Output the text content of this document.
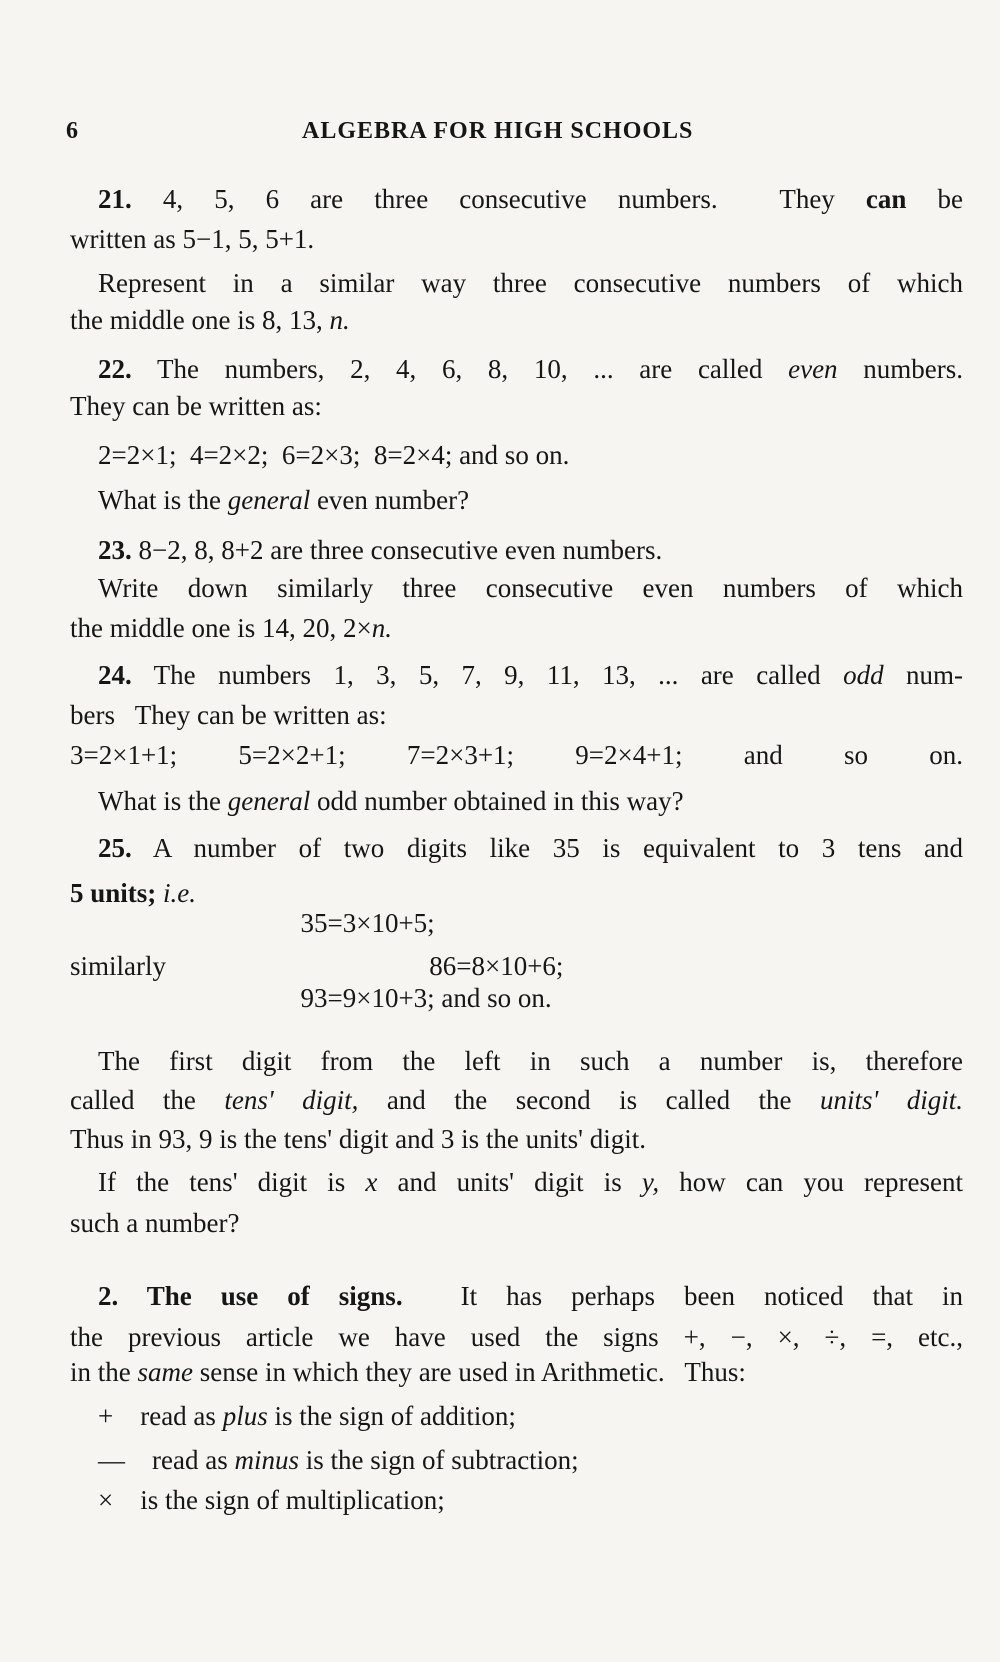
6	ALGEBRA FOR HIGH SCHOOLS
21. 4, 5, 6 are three consecutive numbers.  They can be
written as 5−1, 5, 5+1.
Represent in a similar way three consecutive numbers of which
the middle one is 8, 13, n.
22. The numbers, 2, 4, 6, 8, 10, ... are called even numbers.
They can be written as:
2=2×1;  4=2×2;  6=2×3;  8=2×4; and so on.
What is the general even number?
23. 8−2, 8, 8+2 are three consecutive even numbers.
Write down similarly three consecutive even numbers of which
the middle one is 14, 20, 2×n.
24. The numbers 1, 3, 5, 7, 9, 11, 13, ... are called odd num-
bers   They can be written as:
3=2×1+1; 5=2×2+1; 7=2×3+1; 9=2×4+1; and so on.
What is the general odd number obtained in this way?
25. A number of two digits like 35 is equivalent to 3 tens and
5 units; i.e.
35=3×10+5;
similarly                                       86=8×10+6;
93=9×10+3; and so on.
The first digit from the left in such a number is, therefore
called the tens' digit, and the second is called the units' digit.
Thus in 93, 9 is the tens' digit and 3 is the units' digit.
If the tens' digit is x and units' digit is y, how can you represent
such a number?
2. The use of signs.  It has perhaps been noticed that in
the previous article we have used the signs +, −, ×, ÷, =, etc.,
in the same sense in which they are used in Arithmetic.   Thus:
+    read as plus is the sign of addition;
—    read as minus is the sign of subtraction;
×    is the sign of multiplication;
